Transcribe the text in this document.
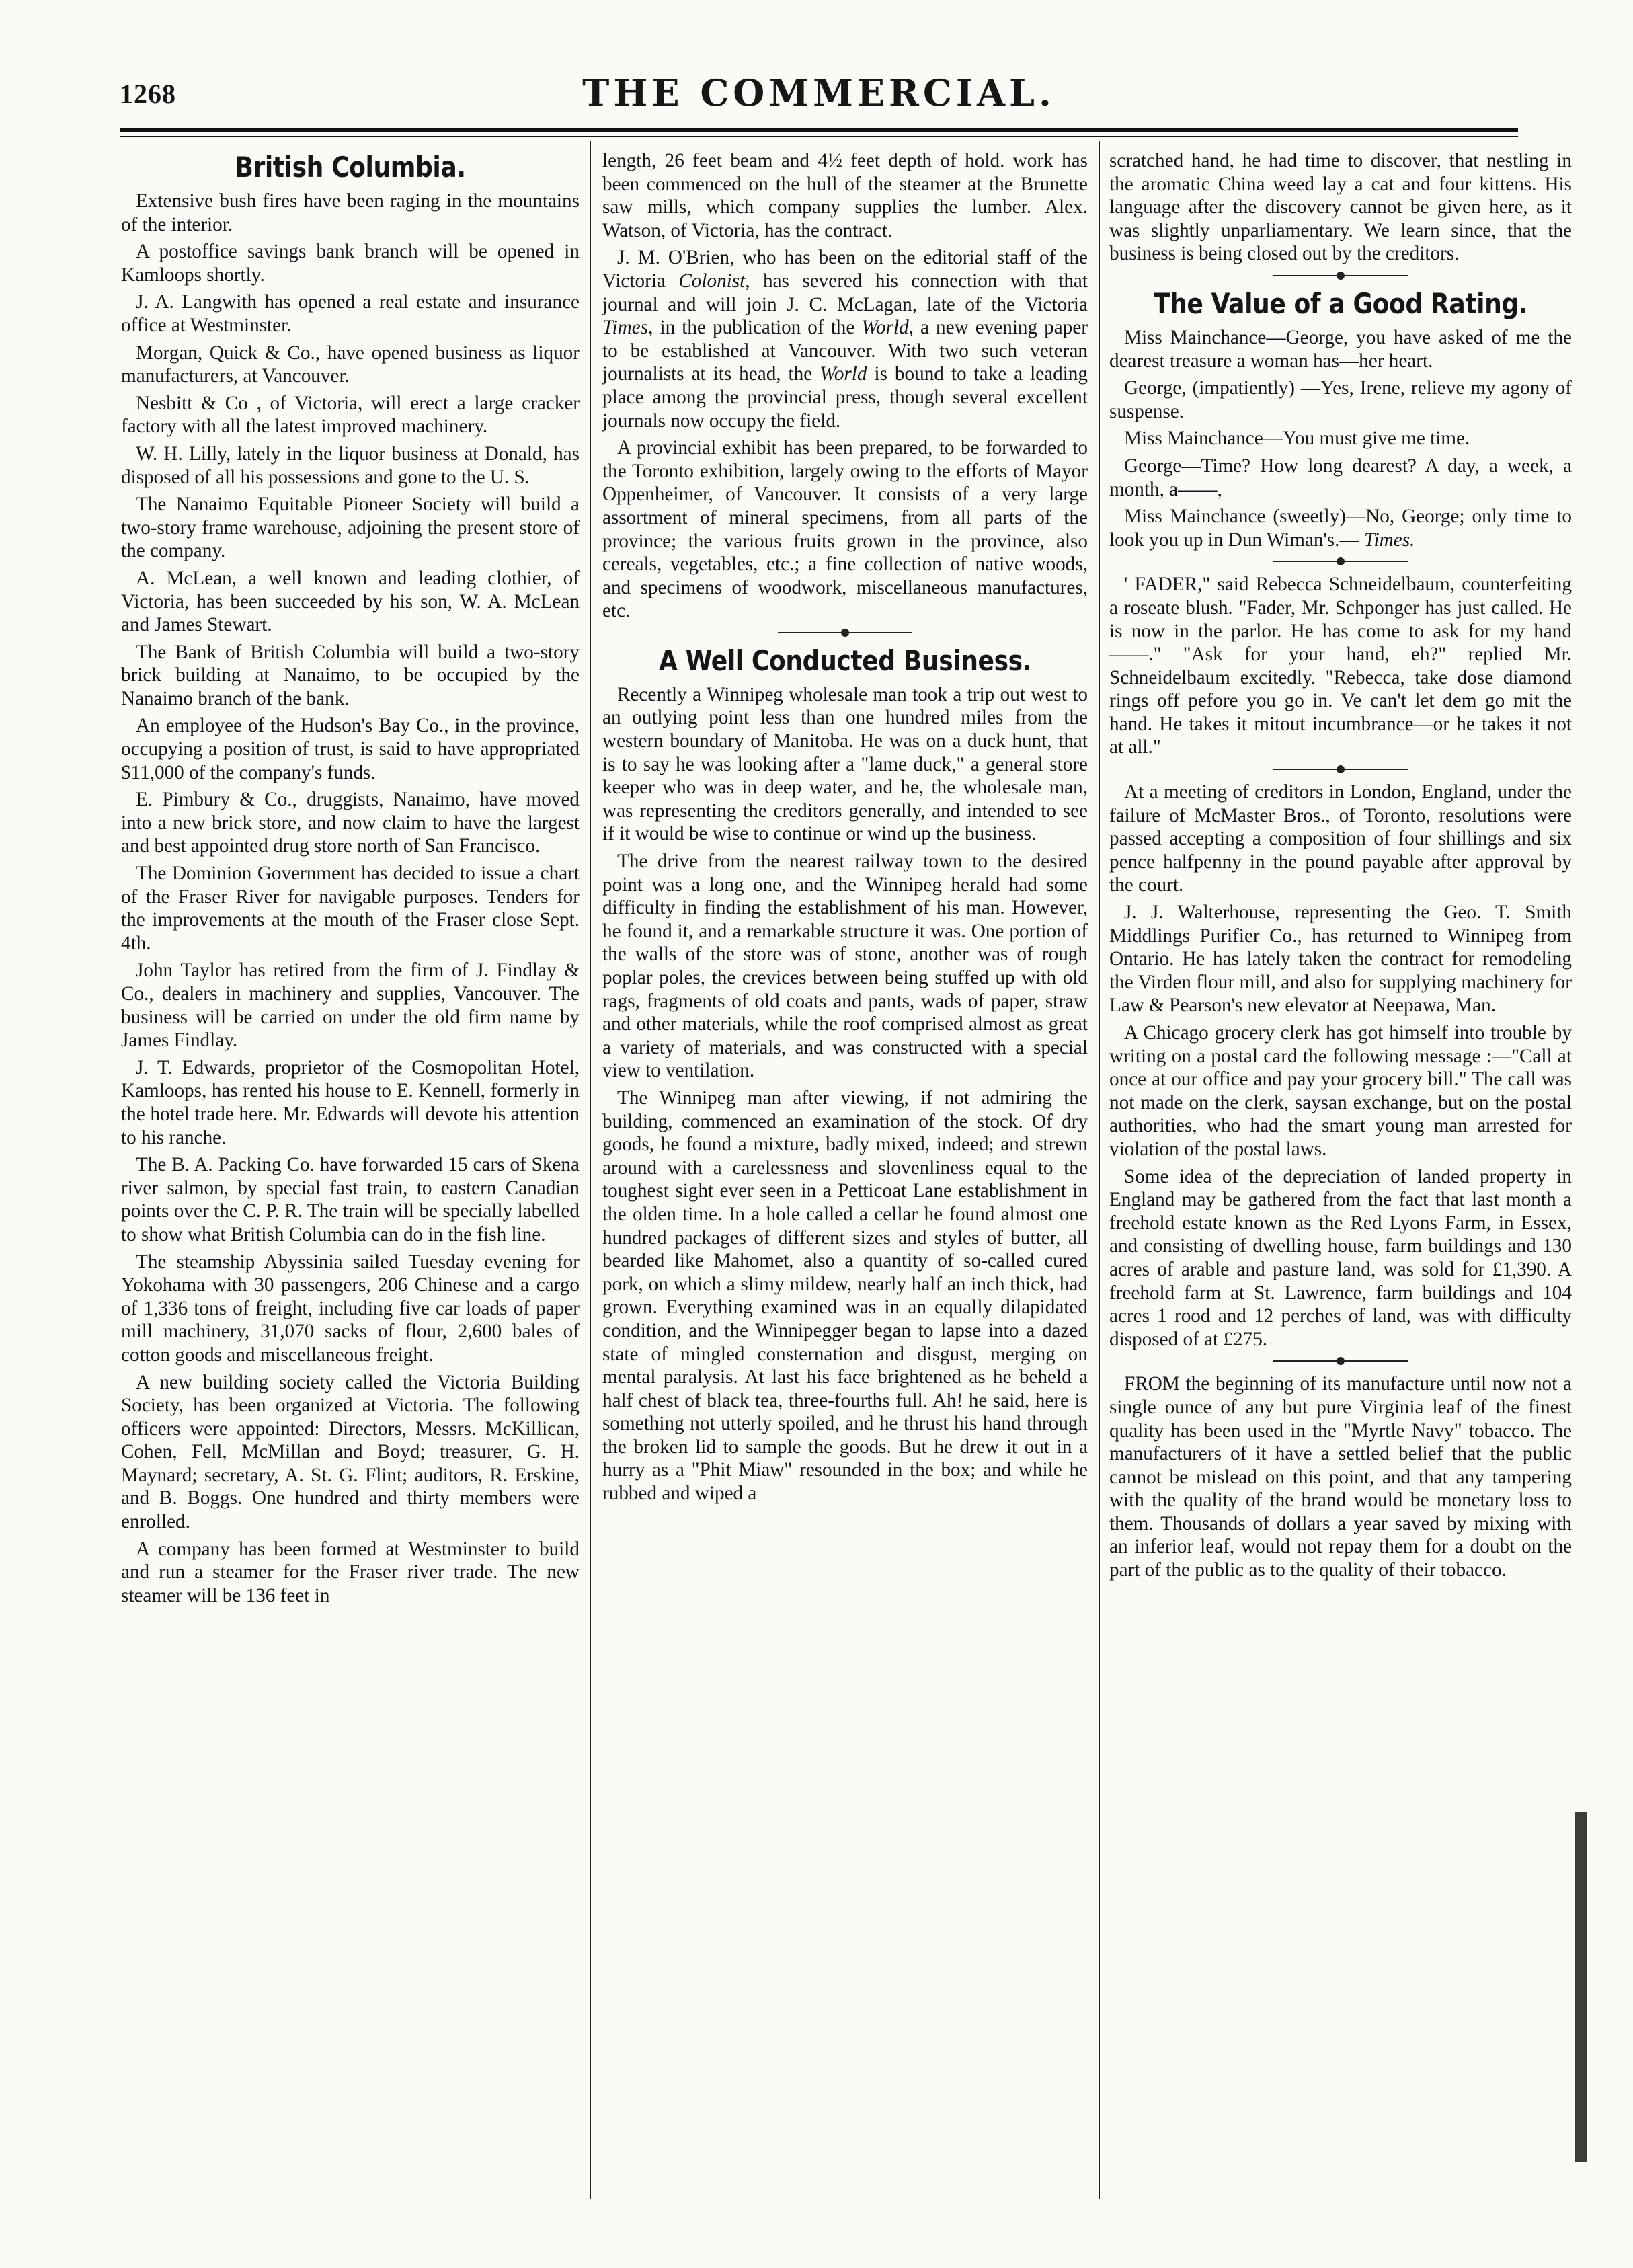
1268	THE COMMERCIAL.
British Columbia.

Extensive bush fires have been raging in the mountains of the interior.

A postoffice savings bank branch will be opened in Kamloops shortly.

J. A. Langwith has opened a real estate and insurance office at Westminster.

Morgan, Quick & Co., have opened business as liquor manufacturers, at Vancouver.

Nesbitt & Co , of Victoria, will erect a large cracker factory with all the latest improved machinery.

W. H. Lilly, lately in the liquor business at Donald, has disposed of all his possessions and gone to the U. S.

The Nanaimo Equitable Pioneer Society will build a two-story frame warehouse, adjoining the present store of the company.

A. McLean, a well known and leading clothier, of Victoria, has been succeeded by his son, W. A. McLean and James Stewart.

The Bank of British Columbia will build a two-story brick building at Nanaimo, to be occupied by the Nanaimo branch of the bank.

An employee of the Hudson's Bay Co., in the province, occupying a position of trust, is said to have appropriated $11,000 of the company's funds.

E. Pimbury & Co., druggists, Nanaimo, have moved into a new brick store, and now claim to have the largest and best appointed drug store north of San Francisco.

The Dominion Government has decided to issue a chart of the Fraser River for navigable purposes. Tenders for the improvements at the mouth of the Fraser close Sept. 4th.

John Taylor has retired from the firm of J. Findlay & Co., dealers in machinery and supplies, Vancouver. The business will be carried on under the old firm name by James Findlay.

J. T. Edwards, proprietor of the Cosmopolitan Hotel, Kamloops, has rented his house to E. Kennell, formerly in the hotel trade here. Mr. Edwards will devote his attention to his ranche.

The B. A. Packing Co. have forwarded 15 cars of Skena river salmon, by special fast train, to eastern Canadian points over the C. P. R. The train will be specially labelled to show what British Columbia can do in the fish line.

The steamship Abyssinia sailed Tuesday evening for Yokohama with 30 passengers, 206 Chinese and a cargo of 1,336 tons of freight, including five car loads of paper mill machinery, 31,070 sacks of flour, 2,600 bales of cotton goods and miscellaneous freight.

A new building society called the Victoria Building Society, has been organized at Victoria. The following officers were appointed: Directors, Messrs. McKillican, Cohen, Fell, McMillan and Boyd; treasurer, G. H. Maynard; secretary, A. St. G. Flint; auditors, R. Erskine, and B. Boggs. One hundred and thirty members were enrolled.

A company has been formed at Westminster to build and run a steamer for the Fraser river trade. The new steamer will be 136 feet in

length, 26 feet beam and 4½ feet depth of hold. work has been commenced on the hull of the steamer at the Brunette saw mills, which company supplies the lumber. Alex. Watson, of Victoria, has the contract.

J. M. O'Brien, who has been on the editorial staff of the Victoria Colonist, has severed his connection with that journal and will join J. C. McLagan, late of the Victoria Times, in the publication of the World, a new evening paper to be established at Vancouver. With two such veteran journalists at its head, the World is bound to take a leading place among the provincial press, though several excellent journals now occupy the field.

A provincial exhibit has been prepared, to be forwarded to the Toronto exhibition, largely owing to the efforts of Mayor Oppenheimer, of Vancouver. It consists of a very large assortment of mineral specimens, from all parts of the province; the various fruits grown in the province, also cereals, vegetables, etc.; a fine collection of native woods, and specimens of woodwork, miscellaneous manufactures, etc.

A Well Conducted Business.

Recently a Winnipeg wholesale man took a trip out west to an outlying point less than one hundred miles from the western boundary of Manitoba. He was on a duck hunt, that is to say he was looking after a "lame duck," a general store keeper who was in deep water, and he, the wholesale man, was representing the creditors generally, and intended to see if it would be wise to continue or wind up the business.

The drive from the nearest railway town to the desired point was a long one, and the Winnipeg herald had some difficulty in finding the establishment of his man. However, he found it, and a remarkable structure it was. One portion of the walls of the store was of stone, another was of rough poplar poles, the crevices between being stuffed up with old rags, fragments of old coats and pants, wads of paper, straw and other materials, while the roof comprised almost as great a variety of materials, and was constructed with a special view to ventilation.

The Winnipeg man after viewing, if not admiring the building, commenced an examination of the stock. Of dry goods, he found a mixture, badly mixed, indeed; and strewn around with a carelessness and slovenliness equal to the toughest sight ever seen in a Petticoat Lane establishment in the olden time. In a hole called a cellar he found almost one hundred packages of different sizes and styles of butter, all bearded like Mahomet, also a quantity of so-called cured pork, on which a slimy mildew, nearly half an inch thick, had grown. Everything examined was in an equally dilapidated condition, and the Winnipegger began to lapse into a dazed state of mingled consternation and disgust, merging on mental paralysis. At last his face brightened as he beheld a half chest of black tea, three-fourths full. Ah! he said, here is something not utterly spoiled, and he thrust his hand through the broken lid to sample the goods. But he drew it out in a hurry as a "Phit Miaw" resounded in the box; and while he rubbed and wiped a

scratched hand, he had time to discover, that nestling in the aromatic China weed lay a cat and four kittens. His language after the discovery cannot be given here, as it was slightly unparliamentary. We learn since, that the business is being closed out by the creditors.

The Value of a Good Rating.

Miss Mainchance—George, you have asked of me the dearest treasure a woman has—her heart.

George, (impatiently) —Yes, Irene, relieve my agony of suspense.

Miss Mainchance—You must give me time.

George—Time? How long dearest? A day, a week, a month, a——,

Miss Mainchance (sweetly)—No, George; only time to look you up in Dun Wiman's.— Times.

' FADER," said Rebecca Schneidelbaum, counterfeiting a roseate blush. "Fader, Mr. Schponger has just called. He is now in the parlor. He has come to ask for my hand——." "Ask for your hand, eh?" replied Mr. Schneidelbaum excitedly. "Rebecca, take dose diamond rings off pefore you go in. Ve can't let dem go mit the hand. He takes it mitout incumbrance—or he takes it not at all."

At a meeting of creditors in London, England, under the failure of McMaster Bros., of Toronto, resolutions were passed accepting a composition of four shillings and six pence halfpenny in the pound payable after approval by the court.

J. J. Walterhouse, representing the Geo. T. Smith Middlings Purifier Co., has returned to Winnipeg from Ontario. He has lately taken the contract for remodeling the Virden flour mill, and also for supplying machinery for Law & Pearson's new elevator at Neepawa, Man.

A Chicago grocery clerk has got himself into trouble by writing on a postal card the following message :—"Call at once at our office and pay your grocery bill." The call was not made on the clerk, saysan exchange, but on the postal authorities, who had the smart young man arrested for violation of the postal laws.

Some idea of the depreciation of landed property in England may be gathered from the fact that last month a freehold estate known as the Red Lyons Farm, in Essex, and consisting of dwelling house, farm buildings and 130 acres of arable and pasture land, was sold for £1,390. A freehold farm at St. Lawrence, farm buildings and 104 acres 1 rood and 12 perches of land, was with difficulty disposed of at £275.

FROM the beginning of its manufacture until now not a single ounce of any but pure Virginia leaf of the finest quality has been used in the "Myrtle Navy" tobacco. The manufacturers of it have a settled belief that the public cannot be mislead on this point, and that any tampering with the quality of the brand would be monetary loss to them. Thousands of dollars a year saved by mixing with an inferior leaf, would not repay them for a doubt on the part of the public as to the quality of their tobacco.
